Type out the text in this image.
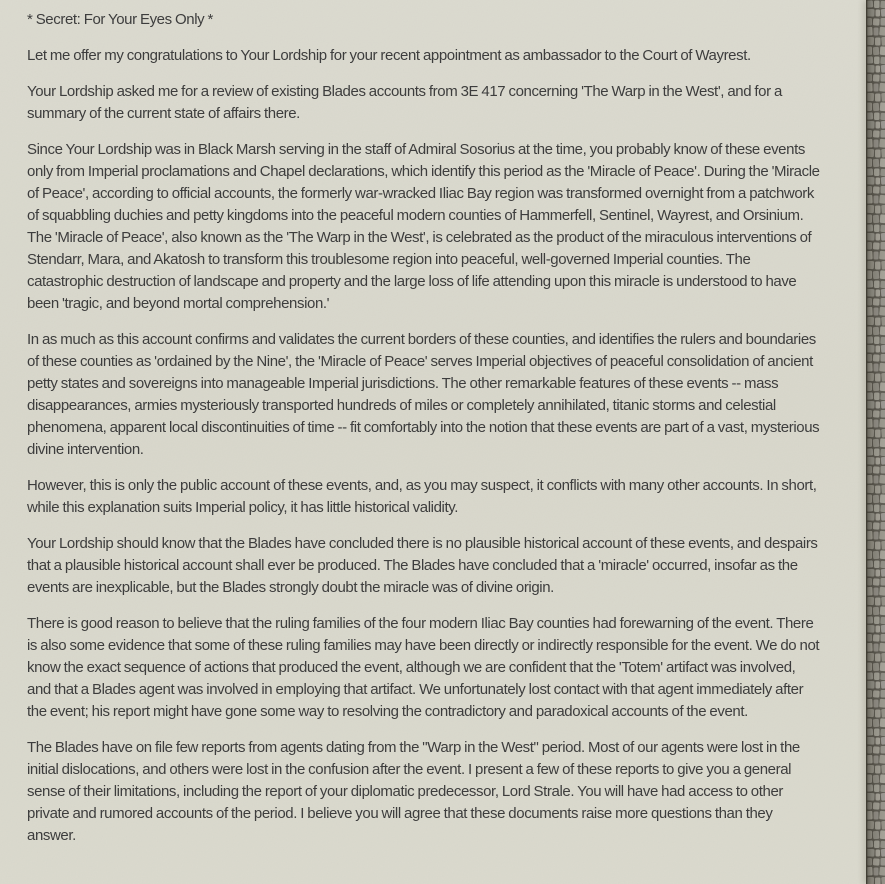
* Secret: For Your Eyes Only *

Let me offer my congratulations to Your Lordship for your recent appointment as ambassador to the Court of Wayrest.

Your Lordship asked me for a review of existing Blades accounts from 3E 417 concerning 'The Warp in the West', and for a summary of the current state of affairs there.

Since Your Lordship was in Black Marsh serving in the staff of Admiral Sosorius at the time, you probably know of these events only from Imperial proclamations and Chapel declarations, which identify this period as the 'Miracle of Peace'. During the 'Miracle of Peace', according to official accounts, the formerly war-wracked Iliac Bay region was transformed overnight from a patchwork of squabbling duchies and petty kingdoms into the peaceful modern counties of Hammerfell, Sentinel, Wayrest, and Orsinium. The 'Miracle of Peace', also known as the 'The Warp in the West', is celebrated as the product of the miraculous interventions of Stendarr, Mara, and Akatosh to transform this troublesome region into peaceful, well-governed Imperial counties. The catastrophic destruction of landscape and property and the large loss of life attending upon this miracle is understood to have been 'tragic, and beyond mortal comprehension.'

In as much as this account confirms and validates the current borders of these counties, and identifies the rulers and boundaries of these counties as 'ordained by the Nine', the 'Miracle of Peace' serves Imperial objectives of peaceful consolidation of ancient petty states and sovereigns into manageable Imperial jurisdictions. The other remarkable features of these events -- mass disappearances, armies mysteriously transported hundreds of miles or completely annihilated, titanic storms and celestial phenomena, apparent local discontinuities of time -- fit comfortably into the notion that these events are part of a vast, mysterious divine intervention.

However, this is only the public account of these events, and, as you may suspect, it conflicts with many other accounts. In short, while this explanation suits Imperial policy, it has little historical validity.

Your Lordship should know that the Blades have concluded there is no plausible historical account of these events, and despairs that a plausible historical account shall ever be produced. The Blades have concluded that a 'miracle' occurred, insofar as the events are inexplicable, but the Blades strongly doubt the miracle was of divine origin.

There is good reason to believe that the ruling families of the four modern Iliac Bay counties had forewarning of the event. There is also some evidence that some of these ruling families may have been directly or indirectly responsible for the event. We do not know the exact sequence of actions that produced the event, although we are confident that the 'Totem' artifact was involved, and that a Blades agent was involved in employing that artifact. We unfortunately lost contact with that agent immediately after the event; his report might have gone some way to resolving the contradictory and paradoxical accounts of the event.

The Blades have on file few reports from agents dating from the "Warp in the West" period. Most of our agents were lost in the initial dislocations, and others were lost in the confusion after the event. I present a few of these reports to give you a general sense of their limitations, including the report of your diplomatic predecessor, Lord Strale. You will have had access to other private and rumored accounts of the period. I believe you will agree that these documents raise more questions than they answer.
